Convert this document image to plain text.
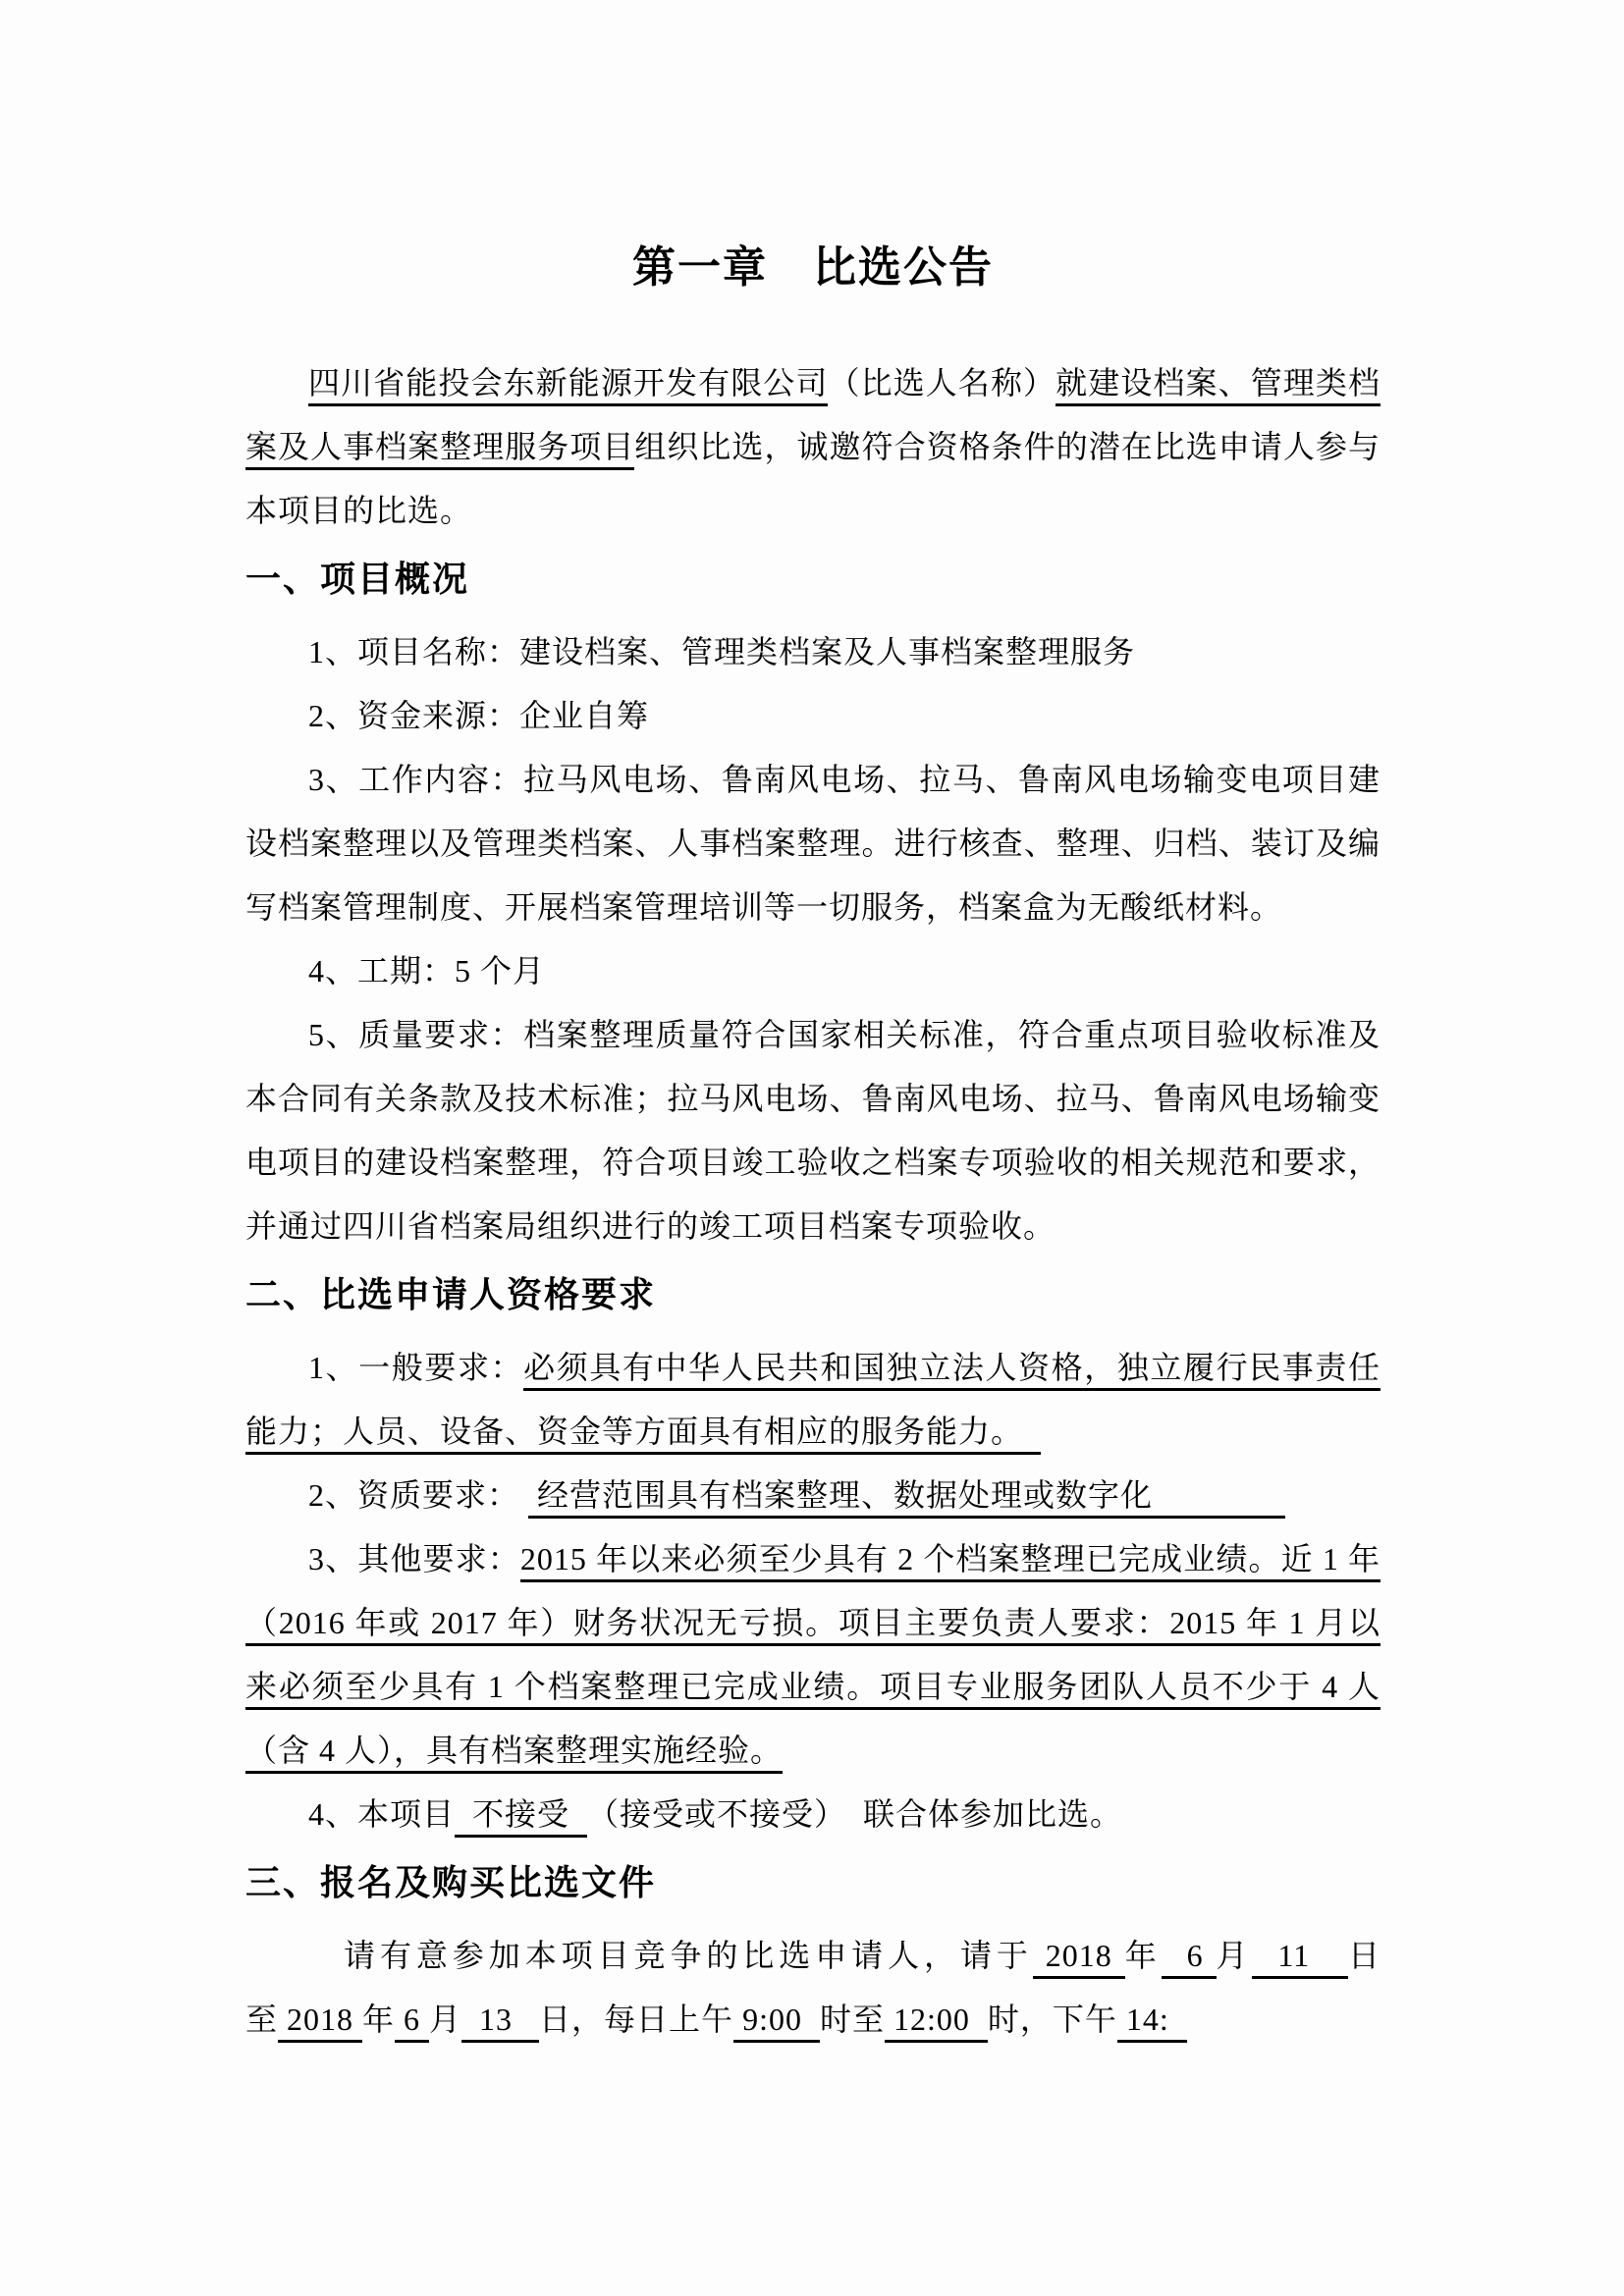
第一章　比选公告

四川省能投会东新能源开发有限公司（比选人名称）就建设档案、管理类档案及人事档案整理服务项目组织比选，诚邀符合资格条件的潜在比选申请人参与本项目的比选。

一、项目概况

1、项目名称：建设档案、管理类档案及人事档案整理服务

2、资金来源：企业自筹

3、工作内容：拉马风电场、鲁南风电场、拉马、鲁南风电场输变电项目建设档案整理以及管理类档案、人事档案整理。进行核查、整理、归档、装订及编写档案管理制度、开展档案管理培训等一切服务，档案盒为无酸纸材料。

4、工期：5 个月

5、质量要求：档案整理质量符合国家相关标准，符合重点项目验收标准及本合同有关条款及技术标准；拉马风电场、鲁南风电场、拉马、鲁南风电场输变电项目的建设档案整理，符合项目竣工验收之档案专项验收的相关规范和要求，并通过四川省档案局组织进行的竣工项目档案专项验收。

二、比选申请人资格要求

1、一般要求：必须具有中华人民共和国独立法人资格，独立履行民事责任能力；人员、设备、资金等方面具有相应的服务能力。

2、资质要求：  经营范围具有档案整理、数据处理或数字化

3、其他要求：2015 年以来必须至少具有 2 个档案整理已完成业绩。近 1 年（2016 年或 2017 年）财务状况无亏损。项目主要负责人要求：2015 年 1 月以来必须至少具有 1 个档案整理已完成业绩。项目专业服务团队人员不少于 4 人（含 4 人），具有档案整理实施经验。

4、本项目  不接受  （接受或不接受）　联合体参加比选。

三、报名及购买比选文件

请有意参加本项目竞争的比选申请人，请于 2018 年  6 月  11   日至 2018 年 6 月  13   日，每日上午 9:00  时至 12:00  时，下午 14:
